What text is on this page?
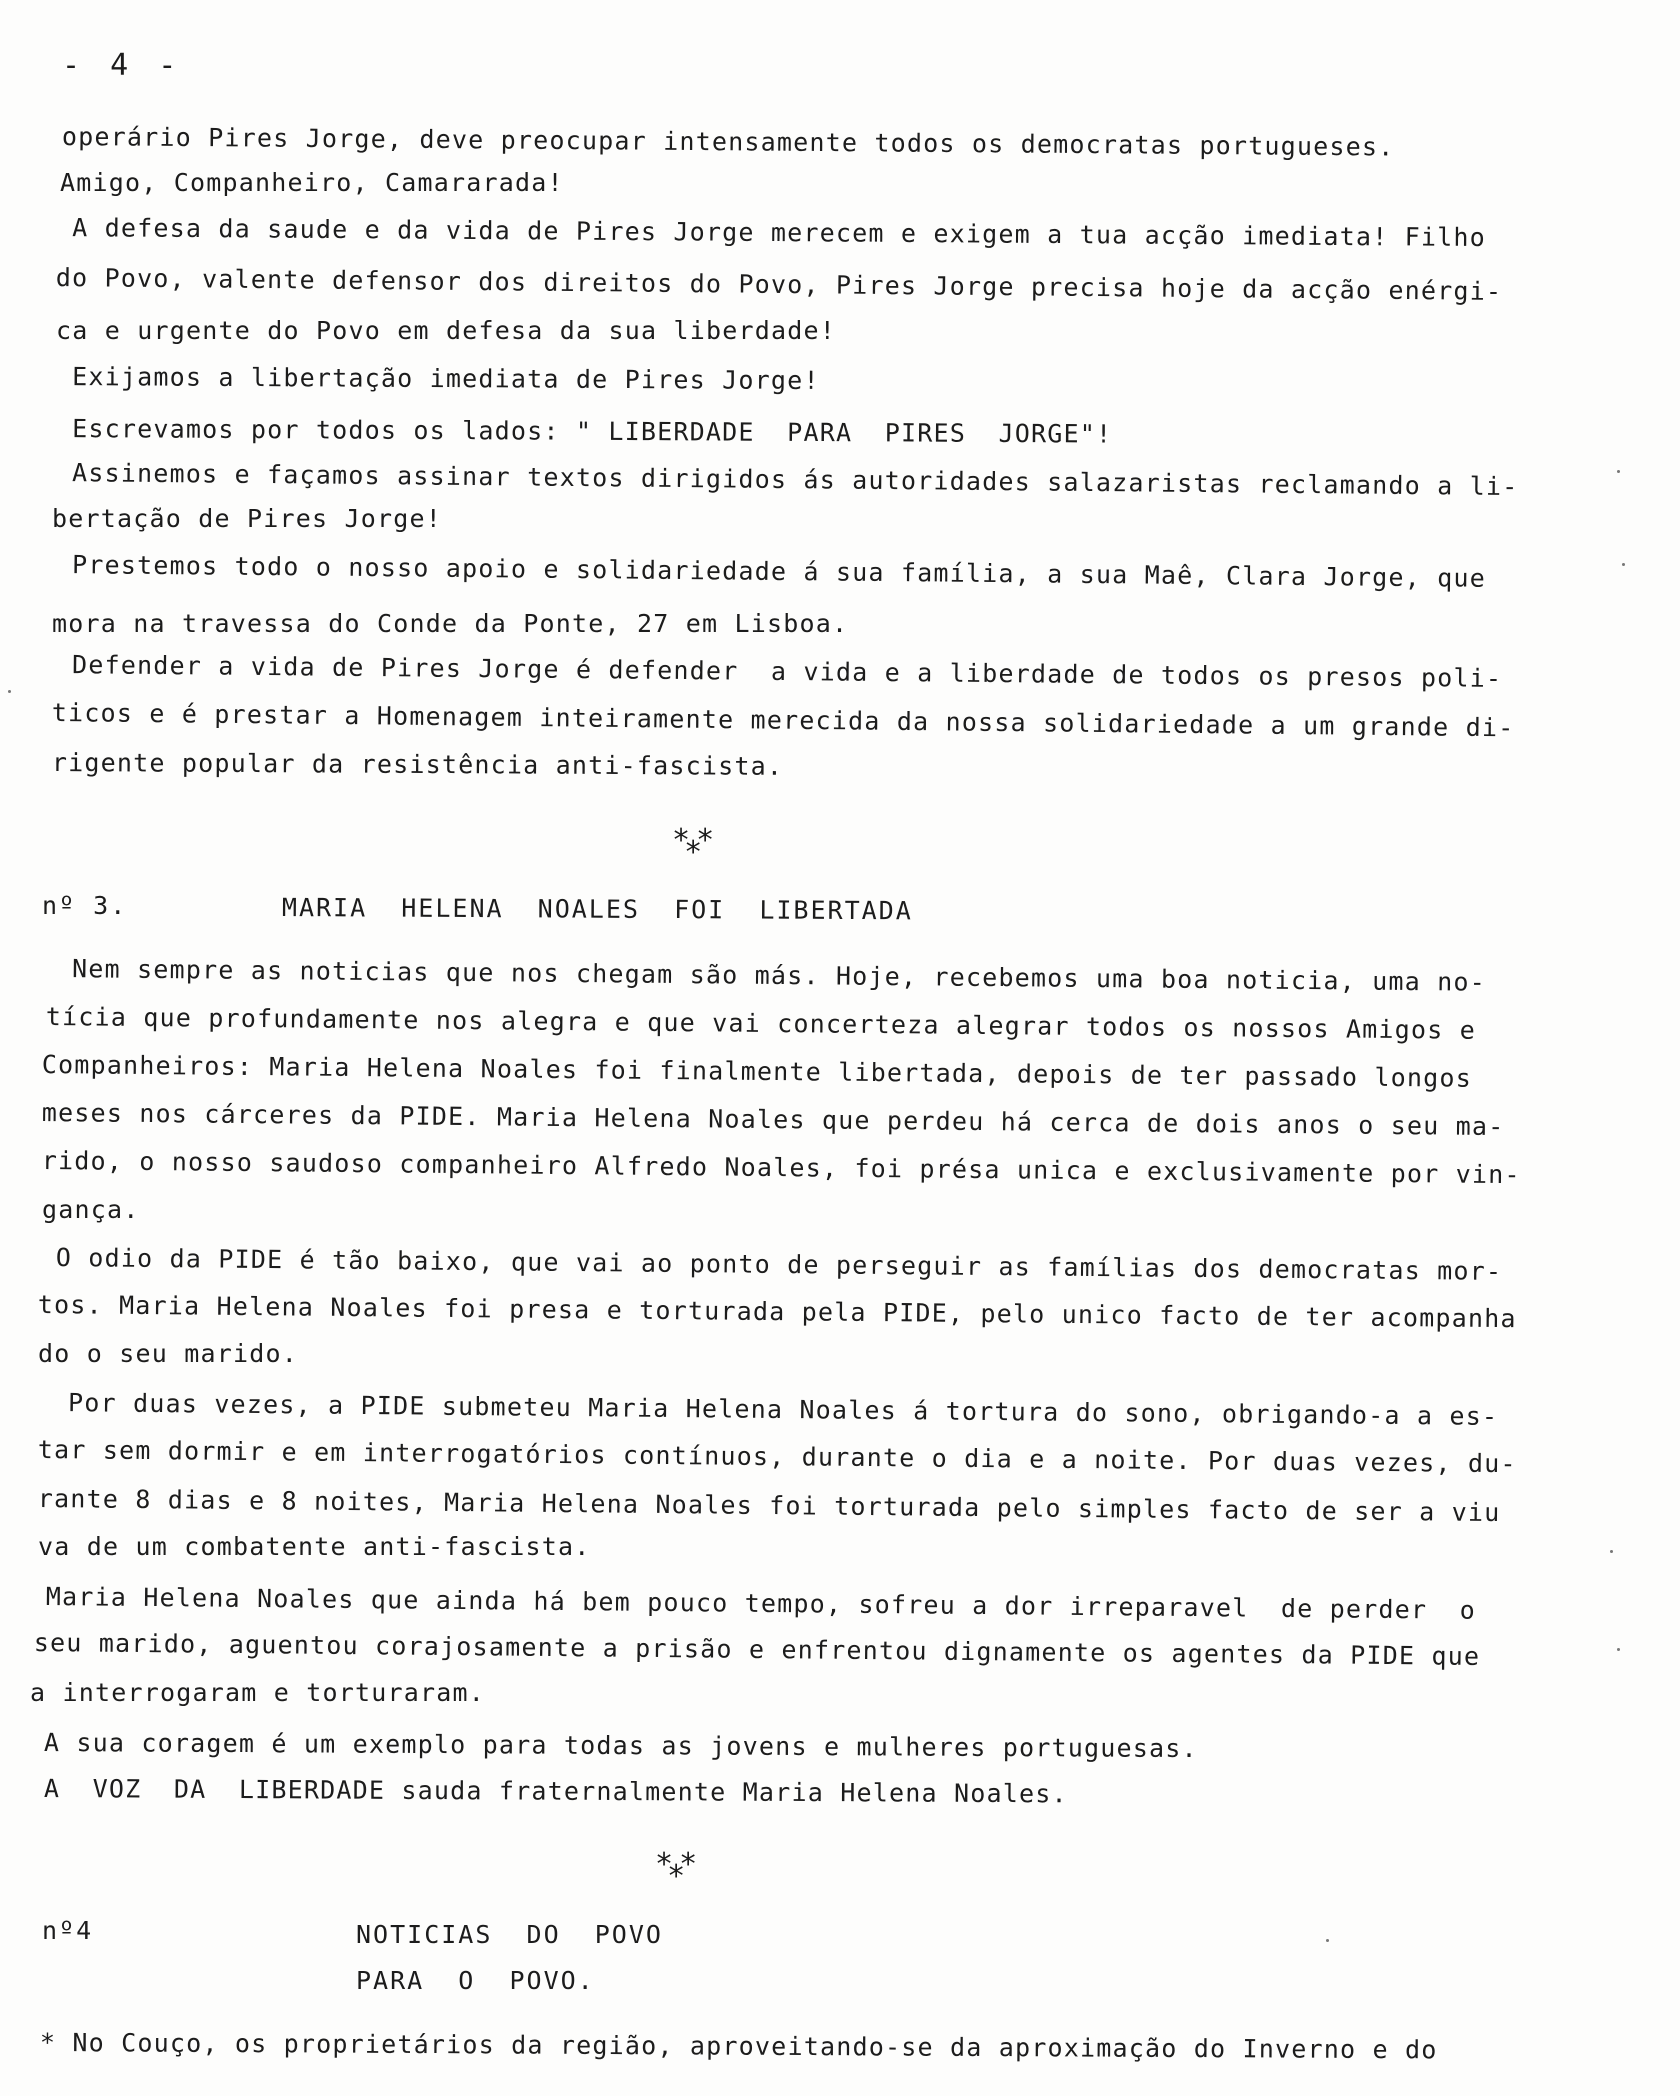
- 4 -
operário Pires Jorge, deve preocupar intensamente todos os democratas portugueses.
Amigo, Companheiro, Camararada!
A defesa da saude e da vida de Pires Jorge merecem e exigem a tua acção imediata! Filho
do Povo, valente defensor dos direitos do Povo, Pires Jorge precisa hoje da acção enérgi-
ca e urgente do Povo em defesa da sua liberdade!
Exijamos a libertação imediata de Pires Jorge!
Escrevamos por todos os lados: " LIBERDADE  PARA  PIRES  JORGE"!
Assinemos e façamos assinar textos dirigidos ás autoridades salazaristas reclamando a li-
bertação de Pires Jorge!
Prestemos todo o nosso apoio e solidariedade á sua família, a sua Maê, Clara Jorge, que
mora na travessa do Conde da Ponte, 27 em Lisboa.
Defender a vida de Pires Jorge é defender  a vida e a liberdade de todos os presos poli-
ticos e é prestar a Homenagem inteiramente merecida da nossa solidariedade a um grande di-
rigente popular da resistência anti-fascista.
***
nº 3.	MARIA  HELENA  NOALES  FOI  LIBERTADA
Nem sempre as noticias que nos chegam são más. Hoje, recebemos uma boa noticia, uma no-
tícia que profundamente nos alegra e que vai concerteza alegrar todos os nossos Amigos e
Companheiros: Maria Helena Noales foi finalmente libertada, depois de ter passado longos
meses nos cárceres da PIDE. Maria Helena Noales que perdeu há cerca de dois anos o seu ma-
rido, o nosso saudoso companheiro Alfredo Noales, foi présa unica e exclusivamente por vin-
gança.
O odio da PIDE é tão baixo, que vai ao ponto de perseguir as famílias dos democratas mor-
tos. Maria Helena Noales foi presa e torturada pela PIDE, pelo unico facto de ter acompanha
do o seu marido.
Por duas vezes, a PIDE submeteu Maria Helena Noales á tortura do sono, obrigando-a a es-
tar sem dormir e em interrogatórios contínuos, durante o dia e a noite. Por duas vezes, du-
rante 8 dias e 8 noites, Maria Helena Noales foi torturada pelo simples facto de ser a viu
va de um combatente anti-fascista.
Maria Helena Noales que ainda há bem pouco tempo, sofreu a dor irreparavel  de perder  o
seu marido, aguentou corajosamente a prisão e enfrentou dignamente os agentes da PIDE que
a interrogaram e torturaram.
A sua coragem é um exemplo para todas as jovens e mulheres portuguesas.
A  VOZ  DA  LIBERDADE sauda fraternalmente Maria Helena Noales.
***
nº4	NOTICIAS  DO  POVO
PARA  O  POVO.
* No Couço, os proprietários da região, aproveitando-se da aproximação do Inverno e do
